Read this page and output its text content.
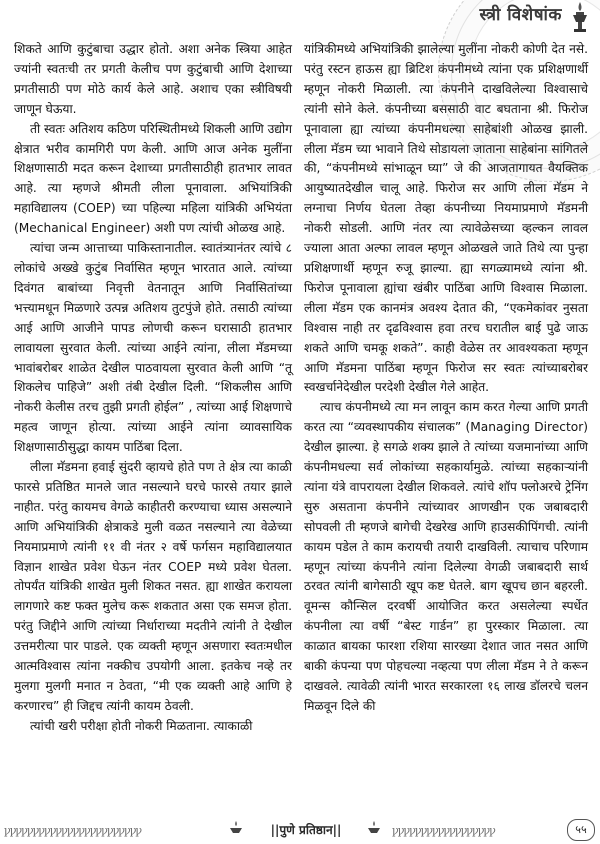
स्त्री विशेषांक

शिकते आणि कुटुंबाचा उद्धार होतो. अशा अनेक स्त्रिया आहेत ज्यांनी स्वतःची तर प्रगती केलीच पण कुटुंबाची आणि देशाच्या प्रगतीसाठी पण मोठे कार्य केले आहे. अशाच एका स्त्रीविषयी जाणून घेऊया.

ती स्वतः अतिशय कठिण परिस्थितीमध्ये शिकली आणि उद्योग क्षेत्रात भरीव कामगिरी पण केली. आणि आज अनेक मुलींना शिक्षणासाठी मदत करून देशाच्या प्रगतीसाठीही हातभार लावत आहे. त्या म्हणजे श्रीमती लीला पूनावाला. अभियांत्रिकी महाविद्यालय (COEP) च्या पहिल्या महिला यांत्रिकी अभियंता (Mechanical Engineer) अशी पण त्यांची ओळख आहे.

त्यांचा जन्म आत्ताच्या पाकिस्तानातील. स्वातंत्र्यानंतर त्यांचे ८ लोकांचे अख्खे कुटुंब निर्वासित म्हणून भारतात आले. त्यांच्या दिवंगत बाबांच्या निवृत्ती वेतनातून आणि निर्वासितांच्या भत्त्यामधून मिळणारे उत्पन्न अतिशय तुटपुंजे होते. तसाठी त्यांच्या आई आणि आजीने पापड लोणची करून घरासाठी हातभार लावायला सुरवात केली. त्यांच्या आईने त्यांना, लीला मॅडमच्या भावांबरोबर शाळेत देखील पाठवायला सुरवात केली आणि “तू शिकलेच पाहिजे” अशी तंबी देखील दिली. “शिकलीस आणि नोकरी केलीस तरच तुझी प्रगती होईल” , त्यांच्या आई शिक्षणाचे महत्व जाणून होत्या. त्यांच्या आईने त्यांना व्यावसायिक शिक्षणासाठीसुद्धा कायम पाठिंबा दिला.

लीला मॅडमना हवाई सुंदरी व्हायचे होते पण ते क्षेत्र त्या काळी फारसे प्रतिष्ठित मानले जात नसल्याने घरचे फारसे तयार झाले नाहीत. परंतु कायमच वेगळे काहीतरी करण्याचा ध्यास असल्याने आणि अभियांत्रिकी क्षेत्राकडे मुली वळत नसल्याने त्या वेळेच्या नियमाप्रमाणे त्यांनी ११ वी नंतर २ वर्षे फर्गसन महाविद्यालयात विज्ञान शाखेत प्रवेश घेऊन नंतर COEP मध्ये प्रवेश घेतला. तोपर्यंत यांत्रिकी शाखेत मुली शिकत नसत. ह्या शाखेत करायला लागणारे कष्ट फक्त मुलेच करू शकतात असा एक समज होता. परंतु जिद्दीने आणि त्यांच्या निर्धाराच्या मदतीने त्यांनी ते देखील उत्तमरीत्या पार पाडले. एक व्यक्ती म्हणून असणारा स्वतःमधील आत्मविश्वास त्यांना नक्कीच उपयोगी आला. इतकेच नव्हे तर मुलगा मुलगी मनात न ठेवता, “मी एक व्यक्ती आहे आणि हे करणारच” ही जिद्दच त्यांनी कायम ठेवली.

त्यांची खरी परीक्षा होती नोकरी मिळताना. त्याकाळी

यांत्रिकीमध्ये अभियांत्रिकी झालेल्या मुलींना नोकरी कोणी देत नसे. परंतु रस्टन हाऊस ह्या ब्रिटिश कंपनीमध्ये त्यांना एक प्रशिक्षणार्थी म्हणून नोकरी मिळाली. त्या कंपनीने दाखविलेल्या विश्वासाचे त्यांनी सोने केले. कंपनीच्या बससाठी वाट बघताना श्री. फिरोज पूनावाला ह्या त्यांच्या कंपनीमधल्या साहेबांशी ओळख झाली. लीला मॅडम च्या भावाने तिथे सोडायला जाताना साहेबांना सांगितले की, “कंपनीमध्ये सांभाळून घ्या” जे की आजतागायत वैयक्तिक आयुष्यातदेखील चालू आहे. फिरोज सर आणि लीला मॅडम ने लग्नाचा निर्णय घेतला तेव्हा कंपनीच्या नियमाप्रमाणे मॅडमनी नोकरी सोडली. आणि नंतर त्या त्यावेळेसच्या व्हल्कन लावल ज्याला आता अल्फा लावल म्हणून ओळखले जाते तिथे त्या पुन्हा प्रशिक्षणार्थी म्हणून रुजू झाल्या. ह्या सगळ्यामध्ये त्यांना श्री. फिरोज पूनावाला ह्यांचा खंबीर पाठिंबा आणि विश्वास मिळाला. लीला मॅडम एक कानमंत्र अवश्य देतात की, “एकमेकांवर नुसता विश्वास नाही तर दृढविश्वास हवा तरच घरातील बाई पुढे जाऊ शकते आणि चमकू शकते”. काही वेळेस तर आवश्यकता म्हणून आणि मॅडमना पाठिंबा म्हणून फिरोज सर स्वतः त्यांच्याबरोबर स्वखर्चानेदेखील परदेशी देखील गेले आहेत.

त्याच कंपनीमध्ये त्या मन लावून काम करत गेल्या आणि प्रगती करत त्या “व्यवस्थापकीय संचालक” (Managing Director) देखील झाल्या. हे सगळे शक्य झाले ते त्यांच्या यजमानांच्या आणि कंपनीमधल्या सर्व लोकांच्या सहकार्यामुळे. त्यांच्या सहकाऱ्यांनी त्यांना यंत्रे वापरायला देखील शिकवले. त्यांचे शॉप फ्लोअरचे ट्रेनिंग सुरु असताना कंपनीने त्यांच्यावर आणखीन एक जबाबदारी सोपवली ती म्हणजे बागेची देखरेख आणि हाउसकीपिंगची. त्यांनी कायम पडेल ते काम करायची तयारी दाखविली. त्याचाच परिणाम म्हणून त्यांच्या कंपनीने त्यांना दिलेल्या वेगळी जबाबदारी सार्थ ठरवत त्यांनी बागेसाठी खूप कष्ट घेतले. बाग खूपच छान बहरली. वूमन्स कौन्सिल दरवर्षी आयोजित करत असलेल्या स्पर्धेत कंपनीला त्या वर्षी “बेस्ट गार्डन” हा पुरस्कार मिळाला. त्या काळात बायका फारशा रशिया सारख्या देशात जात नसत आणि बाकी कंपन्या पण पोहचल्या नव्हत्या पण लीला मॅडम ने ते करून दाखवले. त्यावेळी त्यांनी भारत सरकारला १६ लाख डॉलरचे चलन मिळवून दिले की

ꝩꝩꝩꝩꝩꝩꝩꝩꝩꝩꝩꝩꝩꝩꝩꝩꝩꝩꝩꝩꝩꝩꝩꝩ	||पुणे प्रतिष्ठान||	ꝩꝩꝩꝩꝩꝩꝩꝩꝩꝩꝩꝩꝩꝩꝩꝩꝩꝩ	५५
